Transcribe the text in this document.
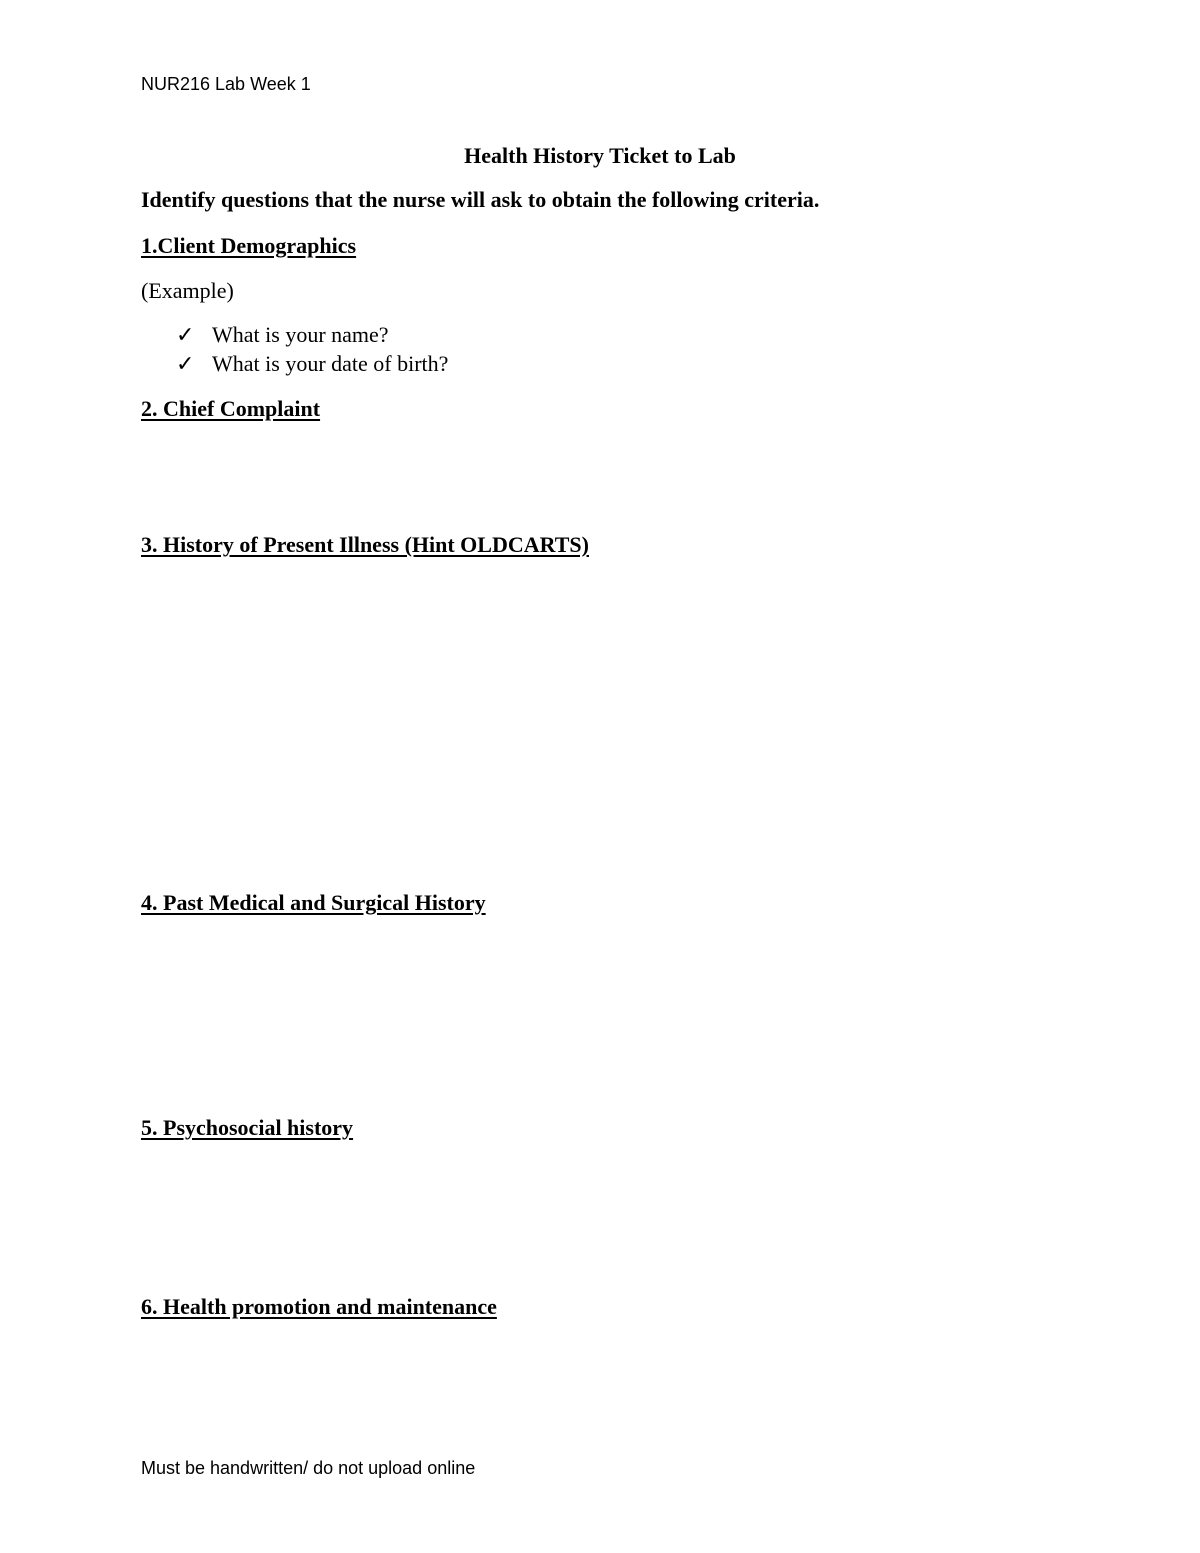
NUR216 Lab Week 1
Health History Ticket to Lab
Identify questions that the nurse will ask to obtain the following criteria.
1.Client Demographics
(Example)
✓ What is your name?
✓ What is your date of birth?
2. Chief Complaint
3. History of Present Illness (Hint OLDCARTS)
4. Past Medical and Surgical History
5. Psychosocial history
6. Health promotion and maintenance
Must be handwritten/ do not upload online
